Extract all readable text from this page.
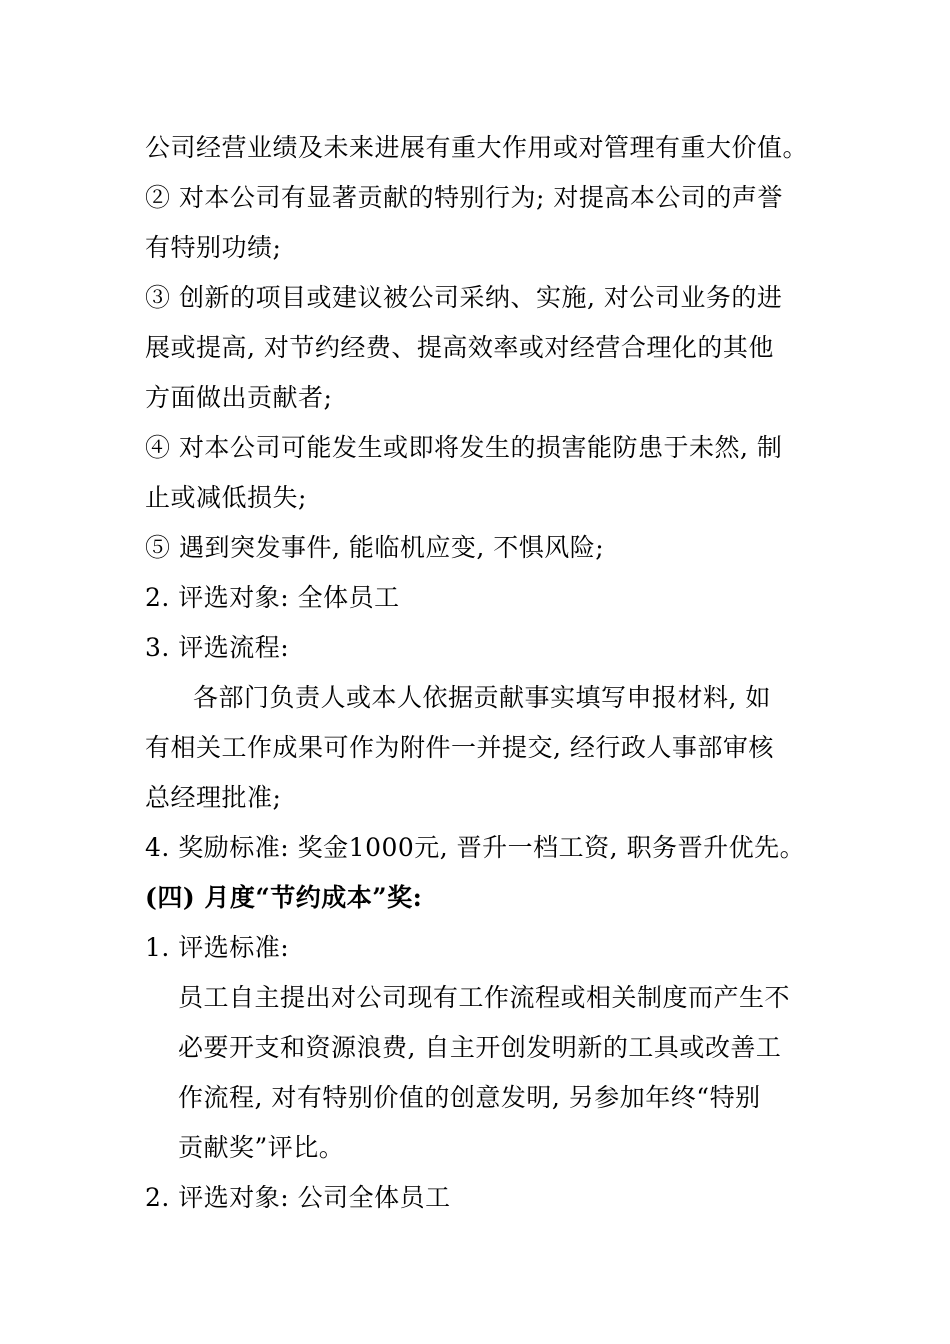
公司经营业绩及未来进展有重大作用或对管理有重大价值。
② 对本公司有显著贡献的特别行为; 对提高本公司的声誉
有特别功绩;
③ 创新的项目或建议被公司采纳、实施, 对公司业务的进
展或提高, 对节约经费、提高效率或对经营合理化的其他
方面做出贡献者;
④ 对本公司可能发生或即将发生的损害能防患于未然, 制
止或减低损失;
⑤ 遇到突发事件, 能临机应变, 不惧风险;
2. 评选对象: 全体员工
3. 评选流程:
各部门负责人或本人依据贡献事实填写申报材料, 如
有相关工作成果可作为附件一并提交, 经行政人事部审核
总经理批准;
4. 奖励标准: 奖金1000元, 晋升一档工资, 职务晋升优先。
(四) 月度“节约成本”奖:
1. 评选标准:
员工自主提出对公司现有工作流程或相关制度而产生不
必要开支和资源浪费, 自主开创发明新的工具或改善工
作流程, 对有特别价值的创意发明, 另参加年终“特别
贡献奖”评比。
2. 评选对象: 公司全体员工
